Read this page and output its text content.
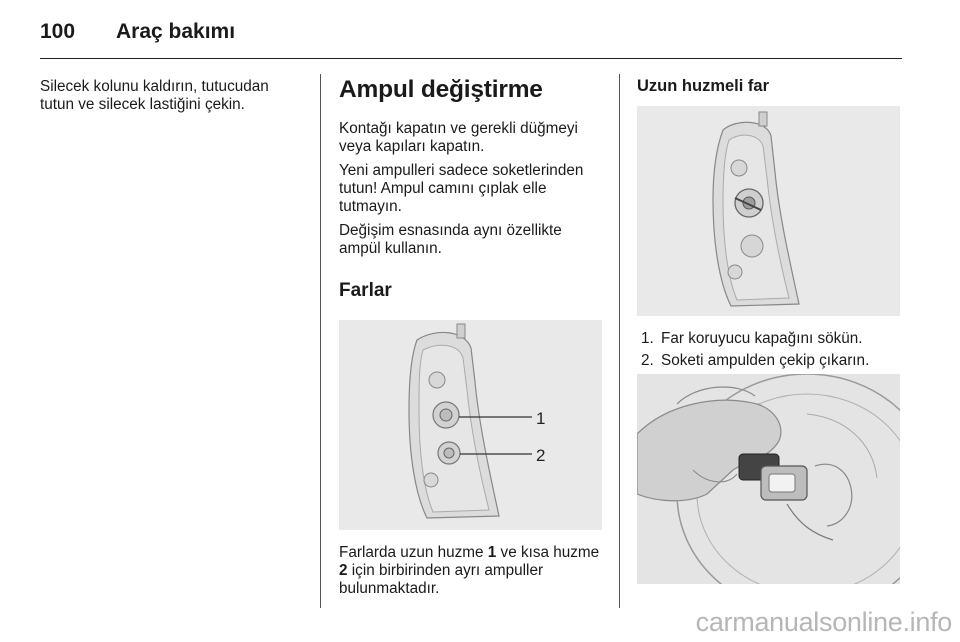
100 Araç bakımı

Silecek kolunu kaldırın, tutucudan tutun ve silecek lastiğini çekin.

Ampul değiştirme

Kontağı kapatın ve gerekli düğmeyi veya kapıları kapatın.

Yeni ampulleri sadece soketlerinden tutun! Ampul camını çıplak elle tutmayın.

Değişim esnasında aynı özellikte ampül kullanın.

Farlar
1
2

Farlarda uzun huzme 1 ve kısa huzme 2 için birbirinden ayrı ampuller bulunmaktadır.

Uzun huzmeli far
1. Far koruyucu kapağını sökün.
2. Soketi ampulden çekip çıkarın.
carmanualsonline.info
